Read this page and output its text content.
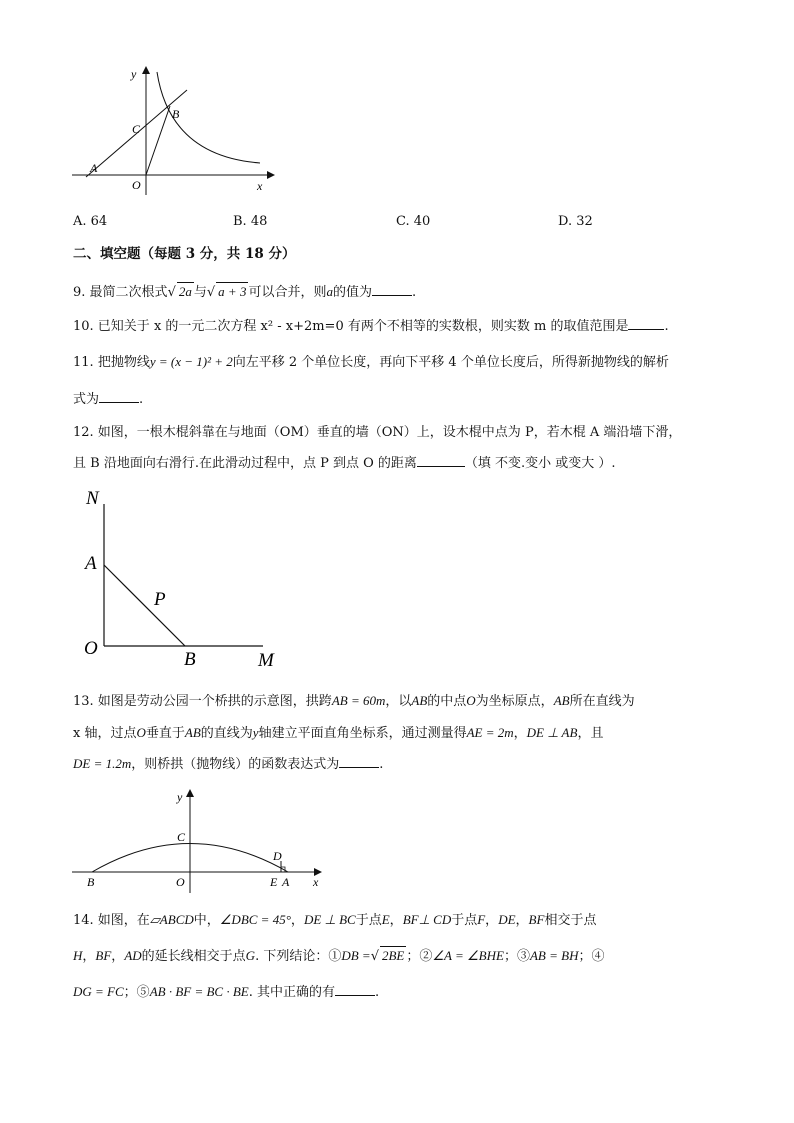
y
x
O
A
B
C
A. 64	B. 48	C. 40	D. 32
二、填空题（每题 3 分，共 18 分）
9. 最简二次根式√ 2a 与√ a + 3 可以合并，则a的值为	.
10. 已知关于 x 的一元二次方程 x² - x+2m=0 有两个不相等的实数根，则实数 m 的取值范围是	.
11. 把抛物线y = (x − 1)² + 2向左平移 2 个单位长度，再向下平移 4 个单位长度后，所得新抛物线的解析
式为	.
12. 如图，一根木棍斜靠在与地面（OM）垂直的墙（ON）上，设木棍中点为 P，若木棍 A 端沿墙下滑，
且 B 沿地面向右滑行.在此滑动过程中，点 P 到点 O 的距离	（填 不变.变小 或变大 ）.
N
A
P
O
B	M
13. 如图是劳动公园一个桥拱的示意图，拱跨AB = 60m，以AB的中点O为坐标原点，AB所在直线为
x 轴，过点O垂直于AB的直线为y轴建立平面直角坐标系，通过测量得AE = 2m，DE ⊥ AB，且
DE = 1.2m，则桥拱（抛物线）的函数表达式为	.
y
C
D
B	O	E A x
14. 如图，在▱ABCD中，∠DBC = 45°，DE ⊥ BC于点E，BF⊥ CD于点F，DE，BF相交于点
H，BF，AD的延长线相交于点G. 下列结论：①DB =√ 2BE ；②∠A = ∠BHE；③AB = BH；④
DG = FC；⑤AB · BF = BC · BE. 其中正确的有	.
